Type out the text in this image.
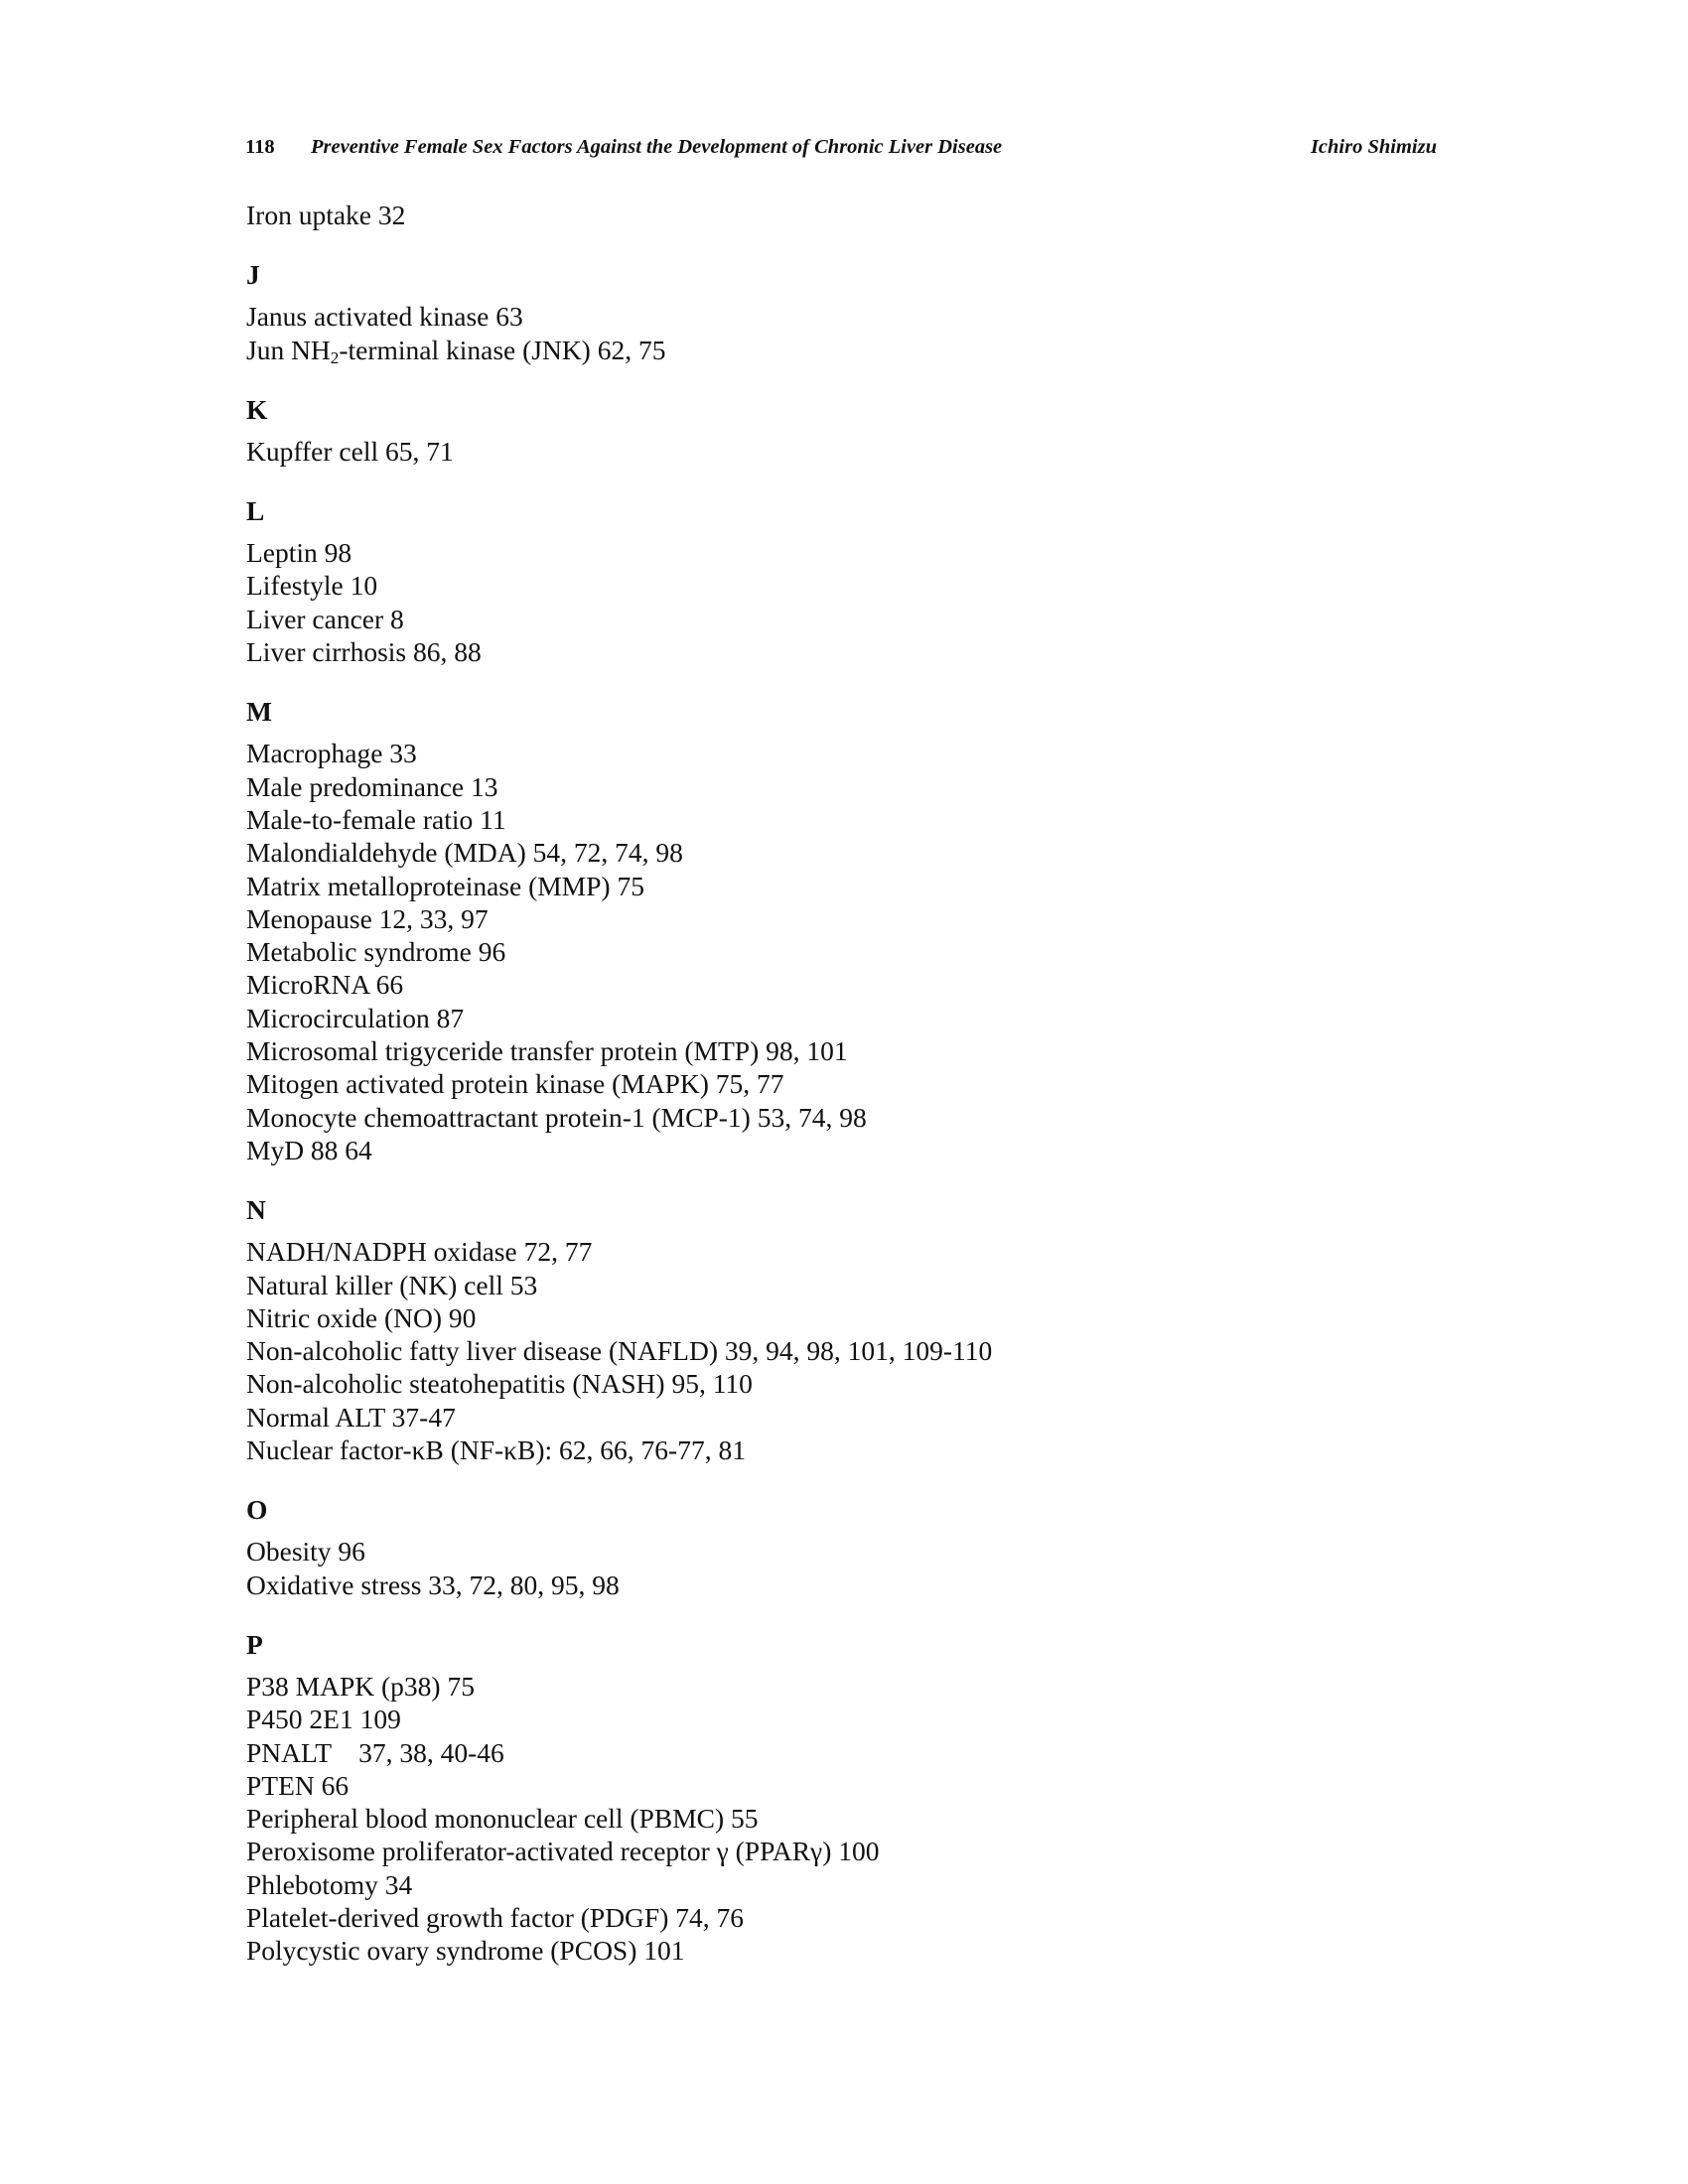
118 Preventive Female Sex Factors Against the Development of Chronic Liver Disease	Ichiro Shimizu
Iron uptake 32
J
Janus activated kinase 63
Jun $NH_2$-terminal kinase (JNK) 62, 75
K
Kupffer cell 65, 71
L
Leptin 98
Lifestyle 10
Liver cancer 8
Liver cirrhosis 86, 88
M
Macrophage 33
Male predominance 13
Male-to-female ratio 11
Malondialdehyde (MDA) 54, 72, 74, 98
Matrix metalloproteinase (MMP) 75
Menopause 12, 33, 97
Metabolic syndrome 96
MicroRNA 66
Microcirculation 87
Microsomal trigyceride transfer protein (MTP) 98, 101
Mitogen activated protein kinase (MAPK) 75, 77
Monocyte chemoattractant protein-1 (MCP-1) 53, 74, 98
MyD 88 64
N
NADH/NADPH oxidase 72, 77
Natural killer (NK) cell 53
Nitric oxide (NO) 90
Non-alcoholic fatty liver disease (NAFLD) 39, 94, 98, 101, 109-110
Non-alcoholic steatohepatitis (NASH) 95, 110
Normal ALT 37-47
Nuclear factor-κB (NF-κB): 62, 66, 76-77, 81
O
Obesity 96
Oxidative stress 33, 72, 80, 95, 98
P
P38 MAPK (p38) 75
P450 2E1 109
PNALT    37, 38, 40-46
PTEN 66
Peripheral blood mononuclear cell (PBMC) 55
Peroxisome proliferator-activated receptor γ (PPARγ) 100
Phlebotomy 34
Platelet-derived growth factor (PDGF) 74, 76
Polycystic ovary syndrome (PCOS) 101
